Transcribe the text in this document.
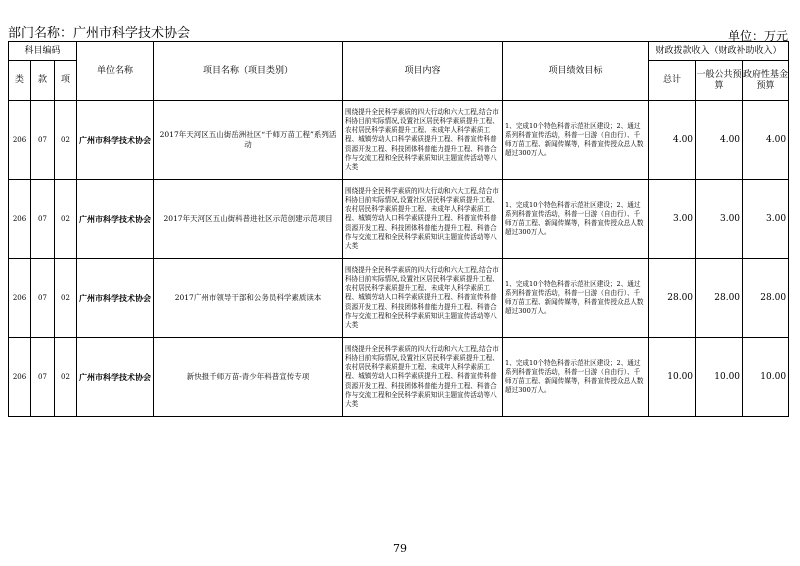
部门名称：广州市科学技术协会	单位：万元
科目编码			单位名称	项目名称（项目类别）	项目内容	项目绩效目标	财政拨款收入（财政补助收入）		
类	款	项					总计	一般公共预算	政府性基金预算
206	07	02	广州市科学技术协会	2017年天河区五山街岳洲社区“千师万苗工程”系列活动	围绕提升全民科学素质的四大行动和六大工程,结合市科协目前实际情况,设置社区居民科学素质提升工程、农村居民科学素质提升工程、未成年人科学素质工程、城镇劳动人口科学素质提升工程、科普宣传科普资源开发工程、科技团体科普能力提升工程、科普合作与交流工程和全民科学素质知识主题宣传活动等八大类	1、完成10个特色科普示范社区建设；2、通过系列科普宣传活动，科普一日游（自由行）、千师万苗工程、新闻传媒等，科普宣传授众总人数超过300万人。	4.00	4.00	4.00
206	07	02	广州市科学技术协会	2017年天河区五山街科普进社区示范创建示范项目	围绕提升全民科学素质的四大行动和六大工程,结合市科协目前实际情况,设置社区居民科学素质提升工程、农村居民科学素质提升工程、未成年人科学素质工程、城镇劳动人口科学素质提升工程、科普宣传科普资源开发工程、科技团体科普能力提升工程、科普合作与交流工程和全民科学素质知识主题宣传活动等八大类	1、完成10个特色科普示范社区建设；2、通过系列科普宣传活动，科普一日游（自由行）、千师万苗工程、新闻传媒等，科普宣传授众总人数超过300万人。	3.00	3.00	3.00
206	07	02	广州市科学技术协会	2017广州市领导干部和公务员科学素质读本	围绕提升全民科学素质的四大行动和六大工程,结合市科协目前实际情况,设置社区居民科学素质提升工程、农村居民科学素质提升工程、未成年人科学素质工程、城镇劳动人口科学素质提升工程、科普宣传科普资源开发工程、科技团体科普能力提升工程、科普合作与交流工程和全民科学素质知识主题宣传活动等八大类	1、完成10个特色科普示范社区建设；2、通过系列科普宣传活动，科普一日游（自由行）、千师万苗工程、新闻传媒等，科普宣传授众总人数超过300万人。	28.00	28.00	28.00
206	07	02	广州市科学技术协会	新快报千师万苗-青少年科普宣传专项	围绕提升全民科学素质的四大行动和六大工程,结合市科协目前实际情况,设置社区居民科学素质提升工程、农村居民科学素质提升工程、未成年人科学素质工程、城镇劳动人口科学素质提升工程、科普宣传科普资源开发工程、科技团体科普能力提升工程、科普合作与交流工程和全民科学素质知识主题宣传活动等八大类	1、完成10个特色科普示范社区建设；2、通过系列科普宣传活动，科普一日游（自由行）、千师万苗工程、新闻传媒等，科普宣传授众总人数超过300万人。	10.00	10.00	10.00
79
